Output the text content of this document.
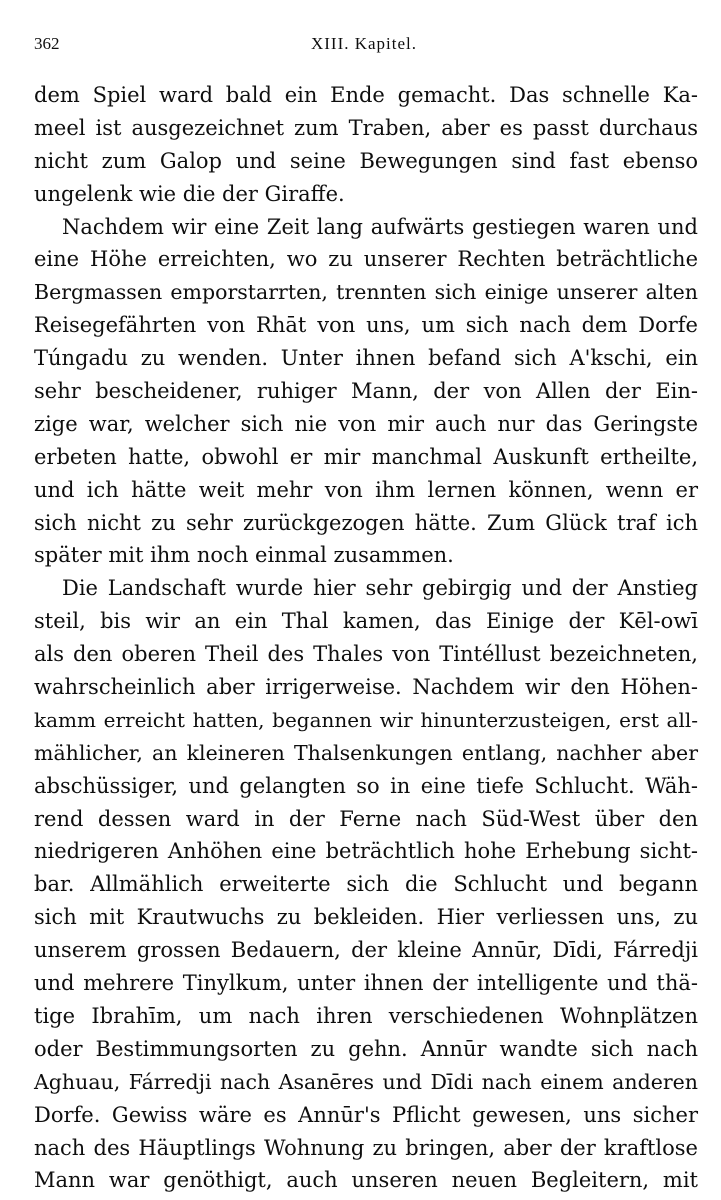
362	XIII. Kapitel.
dem Spiel ward bald ein Ende gemacht. Das schnelle Ka-
meel ist ausgezeichnet zum Traben, aber es passt durchaus
nicht zum Galop und seine Bewegungen sind fast ebenso
ungelenk wie die der Giraffe.
Nachdem wir eine Zeit lang aufwärts gestiegen waren und
eine Höhe erreichten, wo zu unserer Rechten beträchtliche
Bergmassen emporstarrten, trennten sich einige unserer alten
Reisegefährten von Rhāt von uns, um sich nach dem Dorfe
Túngadu zu wenden. Unter ihnen befand sich A'kschi, ein
sehr bescheidener, ruhiger Mann, der von Allen der Ein-
zige war, welcher sich nie von mir auch nur das Geringste
erbeten hatte, obwohl er mir manchmal Auskunft ertheilte,
und ich hätte weit mehr von ihm lernen können, wenn er
sich nicht zu sehr zurückgezogen hätte. Zum Glück traf ich
später mit ihm noch einmal zusammen.
Die Landschaft wurde hier sehr gebirgig und der Anstieg
steil, bis wir an ein Thal kamen, das Einige der Kēl-owī
als den oberen Theil des Thales von Tintéllust bezeichneten,
wahrscheinlich aber irrigerweise. Nachdem wir den Höhen-
kamm erreicht hatten, begannen wir hinunterzusteigen, erst all-
mählicher, an kleineren Thalsenkungen entlang, nachher aber
abschüssiger, und gelangten so in eine tiefe Schlucht. Wäh-
rend dessen ward in der Ferne nach Süd-West über den
niedrigeren Anhöhen eine beträchtlich hohe Erhebung sicht-
bar. Allmählich erweiterte sich die Schlucht und begann
sich mit Krautwuchs zu bekleiden. Hier verliessen uns, zu
unserem grossen Bedauern, der kleine Annūr, Dīdi, Fárredji
und mehrere Tinylkum, unter ihnen der intelligente und thä-
tige Ibrahīm, um nach ihren verschiedenen Wohnplätzen
oder Bestimmungsorten zu gehn. Annūr wandte sich nach
Aghuau, Fárredji nach Asanēres und Dīdi nach einem anderen
Dorfe. Gewiss wäre es Annūr's Pflicht gewesen, uns sicher
nach des Häuptlings Wohnung zu bringen, aber der kraftlose
Mann war genöthigt, auch unseren neuen Begleitern, mit
